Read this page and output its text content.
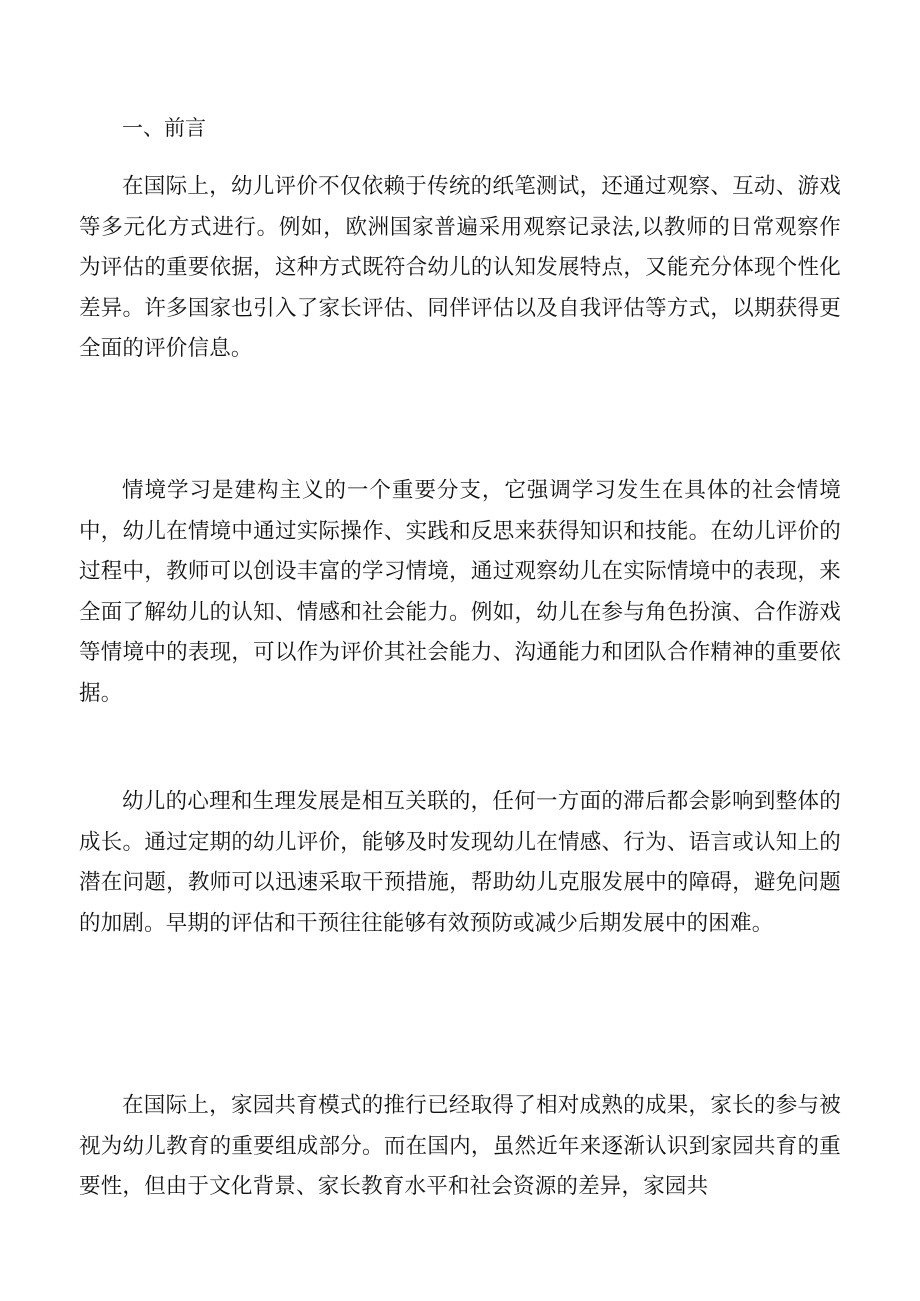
一、前言

在国际上，幼儿评价不仅依赖于传统的纸笔测试，还通过观察、互动、游戏等多元化方式进行。例如，欧洲国家普遍采用观察记录法,以教师的日常观察作为评估的重要依据，这种方式既符合幼儿的认知发展特点，又能充分体现个性化差异。许多国家也引入了家长评估、同伴评估以及自我评估等方式，以期获得更全面的评价信息。

情境学习是建构主义的一个重要分支，它强调学习发生在具体的社会情境中，幼儿在情境中通过实际操作、实践和反思来获得知识和技能。在幼儿评价的过程中，教师可以创设丰富的学习情境，通过观察幼儿在实际情境中的表现，来全面了解幼儿的认知、情感和社会能力。例如，幼儿在参与角色扮演、合作游戏等情境中的表现，可以作为评价其社会能力、沟通能力和团队合作精神的重要依据。

幼儿的心理和生理发展是相互关联的，任何一方面的滞后都会影响到整体的成长。通过定期的幼儿评价，能够及时发现幼儿在情感、行为、语言或认知上的潜在问题，教师可以迅速采取干预措施，帮助幼儿克服发展中的障碍，避免问题的加剧。早期的评估和干预往往能够有效预防或减少后期发展中的困难。

在国际上，家园共育模式的推行已经取得了相对成熟的成果，家长的参与被视为幼儿教育的重要组成部分。而在国内，虽然近年来逐渐认识到家园共育的重要性，但由于文化背景、家长教育水平和社会资源的差异，家园共
